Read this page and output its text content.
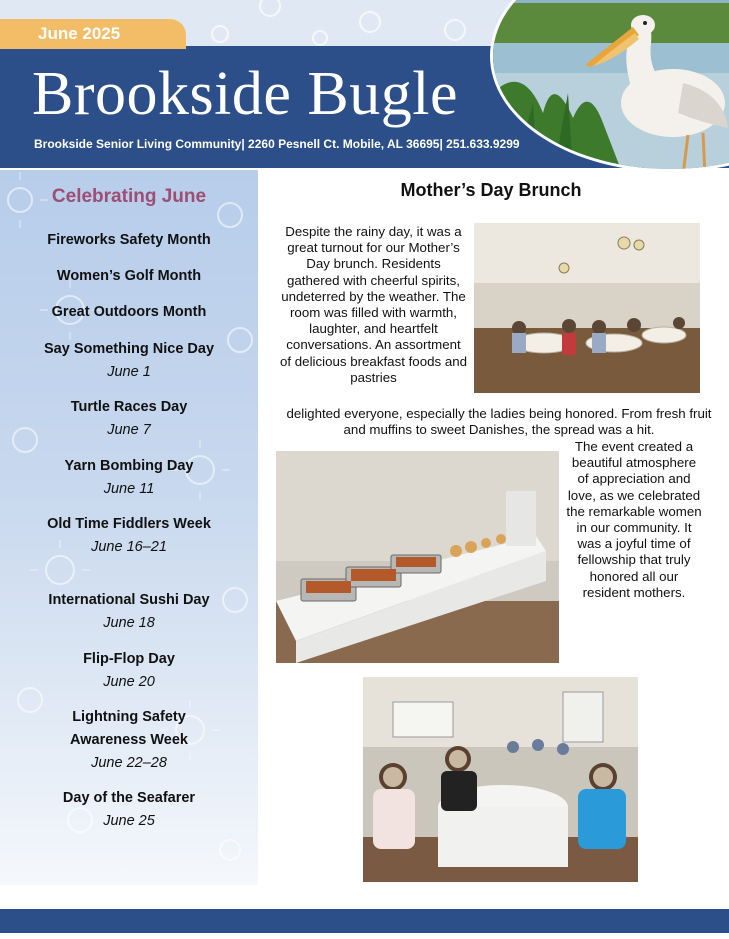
June 2025
Brookside Bugle
Brookside Senior Living Community| 2260 Pesnell Ct. Mobile, AL 36695| 251.633.9299
Celebrating June
Fireworks Safety Month
Women’s Golf Month
Great Outdoors Month
Say Something Nice Day
June 1
Turtle Races Day
June 7
Yarn Bombing Day
June 11
Old Time Fiddlers Week
June 16–21
International Sushi Day
June 18
Flip-Flop Day
June 20
Lightning Safety
Awareness Week
June 22–28
Day of the Seafarer
June 25
Mother’s Day Brunch
Despite the rainy day, it was a great turnout for our Mother’s Day brunch. Residents gathered with cheerful spirits, undeterred by the weather. The room was filled with warmth, laughter, and heartfelt conversations. An assortment of delicious breakfast foods and pastries
delighted everyone, especially the ladies being honored. From fresh fruit and muffins to sweet Danishes, the spread was a hit.
The event created a beautiful atmosphere of appreciation and love, as we celebrated the remarkable women in our community. It was a joyful time of fellowship that truly honored all our resident mothers.
